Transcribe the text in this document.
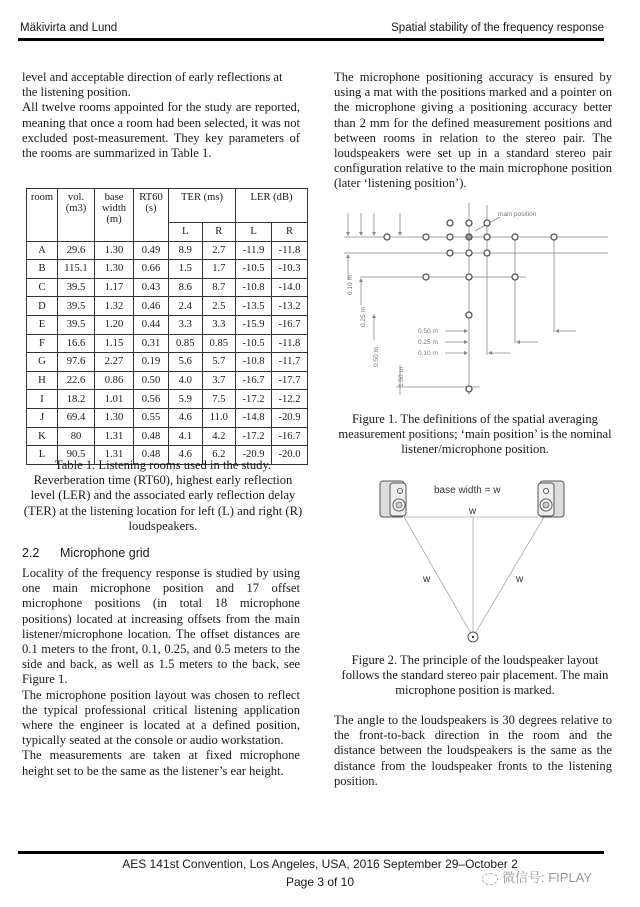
Mäkivirta and Lund	Spatial stability of the frequency response

level and acceptable direction of early reflections at the listening position.

All twelve rooms appointed for the study are reported, meaning that once a room had been selected, it was not excluded post-measurement. They key parameters of the rooms are summarized in Table 1.

room	vol. (m3)	base width (m)	RT60 (s)	TER (ms)		LER (dB)	
				L	R	L	R
A	29.6	1.30	0.49	8.9	2.7	-11.9	-11.8
B	115.1	1.30	0.66	1.5	1.7	-10.5	-10.3
C	39.5	1.17	0.43	8.6	8.7	-10.8	-14.0
D	39.5	1.32	0.46	2.4	2.5	-13.5	-13.2
E	39.5	1.20	0.44	3.3	3.3	-15.9	-16.7
F	16.6	1.15	0.31	0.85	0.85	-10.5	-11.8
G	97.6	2.27	0.19	5.6	5.7	-10.8	-11.7
H	22.6	0.86	0.50	4.0	3.7	-16.7	-17.7
I	18.2	1.01	0.56	5.9	7.5	-17.2	-12.2
J	69.4	1.30	0.55	4.6	11.0	-14.8	-20.9
K	80	1.31	0.48	4.1	4.2	-17.2	-16.7
L	90.5	1.31	0.48	4.6	6.2	-20.9	-20.0
Table 1. Listening rooms used in the study. Reverberation time (RT60), highest early reflection level (LER) and the associated early reflection delay (TER) at the listening location for left (L) and right (R) loudspeakers.
2.2 Microphone grid

Locality of the frequency response is studied by using one main microphone position and 17 offset microphone positions (in total 18 microphone positions) located at increasing offsets from the main listener/microphone location. The offset distances are 0.1 meters to the front, 0.1, 0.25, and 0.5 meters to the side and back, as well as 1.5 meters to the back, see Figure 1.

The microphone position layout was chosen to reflect the typical professional critical listening application where the engineer is located at a defined position, typically seated at the console or audio workstation.

The measurements are taken at fixed microphone height set to be the same as the listener’s ear height.

The microphone positioning accuracy is ensured by using a mat with the positions marked and a pointer on the microphone giving a positioning accuracy better than 2 mm for the defined measurement positions and between rooms in relation to the stereo pair. The loudspeakers were set up in a standard stereo pair configuration relative to the main microphone position (later ‘listening position’).

main position
0.50 m
0.25 m
0.10 m
0.10 m
0.25 m
0.50 m
1.50 m
Figure 1. The definitions of the spatial averaging measurement positions; ‘main position’ is the nominal listener/microphone position.
base width = w
w
w	w
Figure 2. The principle of the loudspeaker layout follows the standard stereo pair placement. The main microphone position is marked.

The angle to the loudspeakers is 30 degrees relative to the front-to-back direction in the room and the distance between the loudspeakers is the same as the distance from the loudspeaker fronts to the listening position.

AES 141st Convention, Los Angeles, USA, 2016 September 29–October 2
Page 3 of 10	微信号: FIPLAY
